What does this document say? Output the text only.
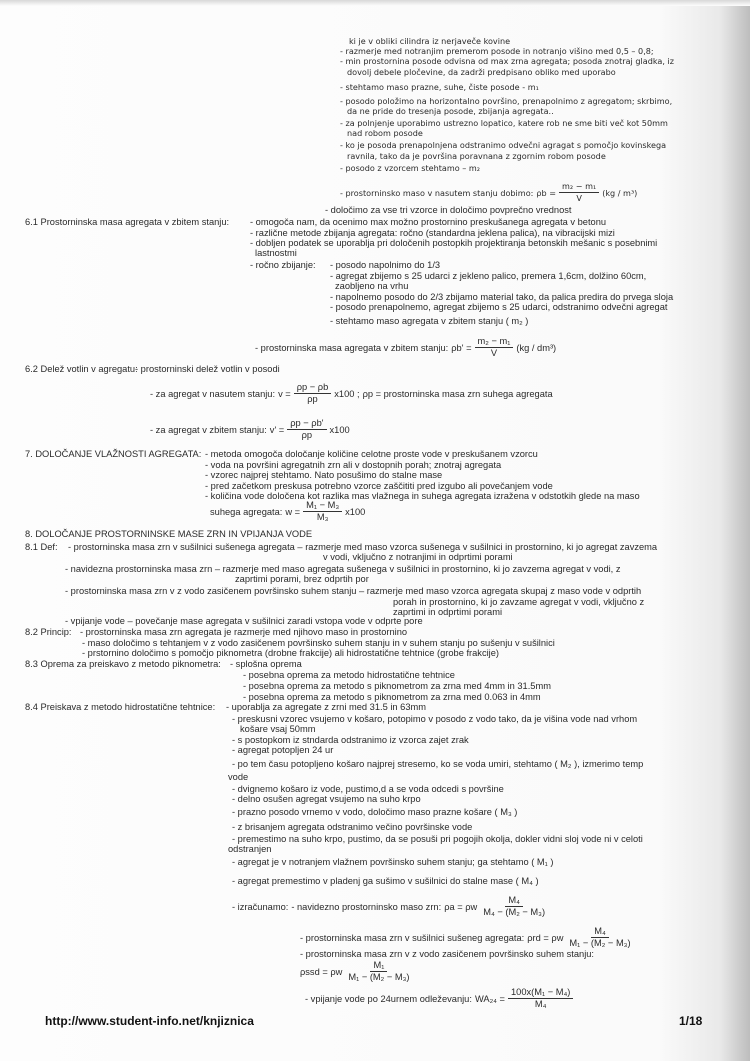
ki je v obliki cilindra iz nerjaveče kovine
- razmerje med notranjim premerom posode in notranjo višino med 0,5 – 0,8;
- min prostornina posode odvisna od max zrna agregata; posoda znotraj gladka, iz
dovolj debele pločevine, da zadrži predpisano obliko med uporabo
- stehtamo maso prazne, suhe, čiste posode - m₁
- posodo položimo na horizontalno površino, prenapolnimo z agregatom; skrbimo,
da ne pride do tresenja posode, zbijanja agregata..
- za polnjenje uporabimo ustrezno lopatico, katere rob ne sme biti več kot 50mm
nad robom posode
- ko je posoda prenapolnjena odstranimo odvečni agragat s pomočjo kovinskega
ravnila, tako da je površina poravnana z zgornim robom posode
- posodo z vzorcem stehtamo – m₂
- prostorninsko maso v nasutem stanju dobimo: $\rho b = \frac{\text{m₂ − m₁}}{V} (kg / m^3)$
- določimo za vse tri vzorce in določimo povprečno vrednost
6.1 Prostorninska masa agregata v zbitem stanju: - omogoča nam, da ocenimo max možno prostornino preskušanega agregata v betonu
- različne metode zbijanja agregata: ročno (standardna jeklena palica), na vibracijski mizi
- dobljen podatek se uporablja pri določenih postopkih projektiranja betonskih mešanic s posebnimi
lastnostmi
- ročno zbijanje: - posodo napolnimo do 1/3
- agregat zbijemo s 25 udarci z jekleno palico, premera 1,6cm, dolžino 60cm,
zaobljeno na vrhu
- napolnemo posodo do 2/3 zbijamo material tako, da palica predira do prvega sloja
- posodo prenapolnemo, agregat zbijemo s 25 udarci, odstranimo odvečni agregat
- stehtamo maso agregata v zbitem stanju ( m₂ )
- prostorninska masa agregata v zbitem stanju: $\rho b' = \frac{\text{m₂ − m₁}}{V} (kg / dm^3)$
6.2 Delež votlin v agregatu:
- prostorninski delež votlin v posodi
- za agregat v nasutem stanju: $v = \frac{\rho p - \rho b}{\rho p} x100$ ; ρp = prostorninska masa zrn suhega agregata
- za agregat v zbitem stanju: $v' = \frac{\rho p - \rho b'}{\rho p} x100$
7. DOLOČANJE VLAŽNOSTI AGREGATA: - metoda omogoča določanje količine celotne proste vode v preskušanem vzorcu
- voda na površini agregatnih zrn ali v dostopnih porah; znotraj agregata
- vzorec najprej stehtamo. Nato posušimo do stalne mase
- pred začetkom preskusa potrebno vzorce zaščititi pred izgubo ali povečanjem vode
- količina vode določena kot razlika mas vlažnega in suhega agregata izražena v odstotkih glede na maso
suhega agregata: $w = \frac{\text{M₁ − M₃}}{\text{M₃}} x100$
8. DOLOČANJE PROSTORNINSKE MASE ZRN IN VPIJANJA VODE
8.1 Def: - prostorninska masa zrn v sušilnici sušenega agregata – razmerje med maso vzorca sušenega v sušilnici in prostornino, ki jo agregat zavzema
v vodi, vključno z notranjimi in odprtimi porami
- navidezna prostorninska masa zrn – razmerje med maso agregata sušenega v sušilnici in prostornino, ki jo zavzema agregat v vodi, z
zaprtimi porami, brez odprtih por
- prostorninska masa zrn v z vodo zasičenem površinsko suhem stanju – razmerje med maso vzorca agregata skupaj z maso vode v odprtih
porah in prostornino, ki jo zavzame agregat v vodi, vključno z
zaprtimi in odprtimi porami
- vpijanje vode – povečanje mase agregata v sušilnici zaradi vstopa vode v odprte pore
8.2 Princip: - prostorninska masa zrn agregata je razmerje med njihovo maso in prostornino
- maso določimo s tehtanjem v z vodo zasičenem površinsko suhem stanju in v suhem stanju po sušenju v sušilnici
- prstornino določimo s pomočjo piknometra (drobne frakcije) ali hidrostatične tehtnice (grobe frakcije)
8.3 Oprema za preiskavo z metodo piknometra: - splošna oprema
- posebna oprema za metodo hidrostatične tehtnice
- posebna oprema za metodo s piknometrom za zrna med 4mm in 31.5mm
- posebna oprema za metodo s piknometrom za zrna med 0.063 in 4mm
8.4 Preiskava z metodo hidrostatične tehtnice: - uporablja za agregate z zrni med 31.5 in 63mm
- preskusni vzorec vsujemo v košaro, potopimo v posodo z vodo tako, da je višina vode nad vrhom
košare vsaj 50mm
- s postopkom iz stndarda odstranimo iz vzorca zajet zrak
- agregat potopljen 24 ur
- po tem času potopljeno košaro najprej stresemo, ko se voda umiri, stehtamo ( M₂ ), izmerimo temp
vode
- dvignemo košaro iz vode, pustimo,d a se voda odcedi s površine
- delno osušen agregat vsujemo na suho krpo
- prazno posodo vrnemo v vodo, določimo maso prazne košare ( M₃ )
- z brisanjem agregata odstranimo večino površinske vode
- premestimo na suho krpo, pustimo, da se posuši pri pogojih okolja, dokler vidni sloj vode ni v celoti
odstranjen
- agregat je v notranjem vlažnem površinsko suhem stanju; ga stehtamo ( M₁ )
- agregat premestimo v pladenj ga sušimo v sušilnici do stalne mase ( M₄ )
- izračunamo: - navidezno prostorninsko maso zrn: ρa = ρw $\frac{\text{M₄}}{\text{M₄ − (M₂ − M₃)}}$
- prostorninska masa zrn v sušilnici sušeneg agregata: ρrd = ρw $\frac{\text{M₄}}{\text{M₁ − (M₂ − M₃)}}$
- prostorninska masa zrn v z vodo zasičenem površinsko suhem stanju:
ρssd = ρw $\frac{\text{M₁}}{\text{M₁ − (M₂ − M₃)}}$
- vpijanje vode po 24urnem odleževanju: $WA_{24} = \frac{\text{100x(M₁ − M₄)}}{\text{M₄}}$
http://www.student-info.net/knjiznica	1/18
